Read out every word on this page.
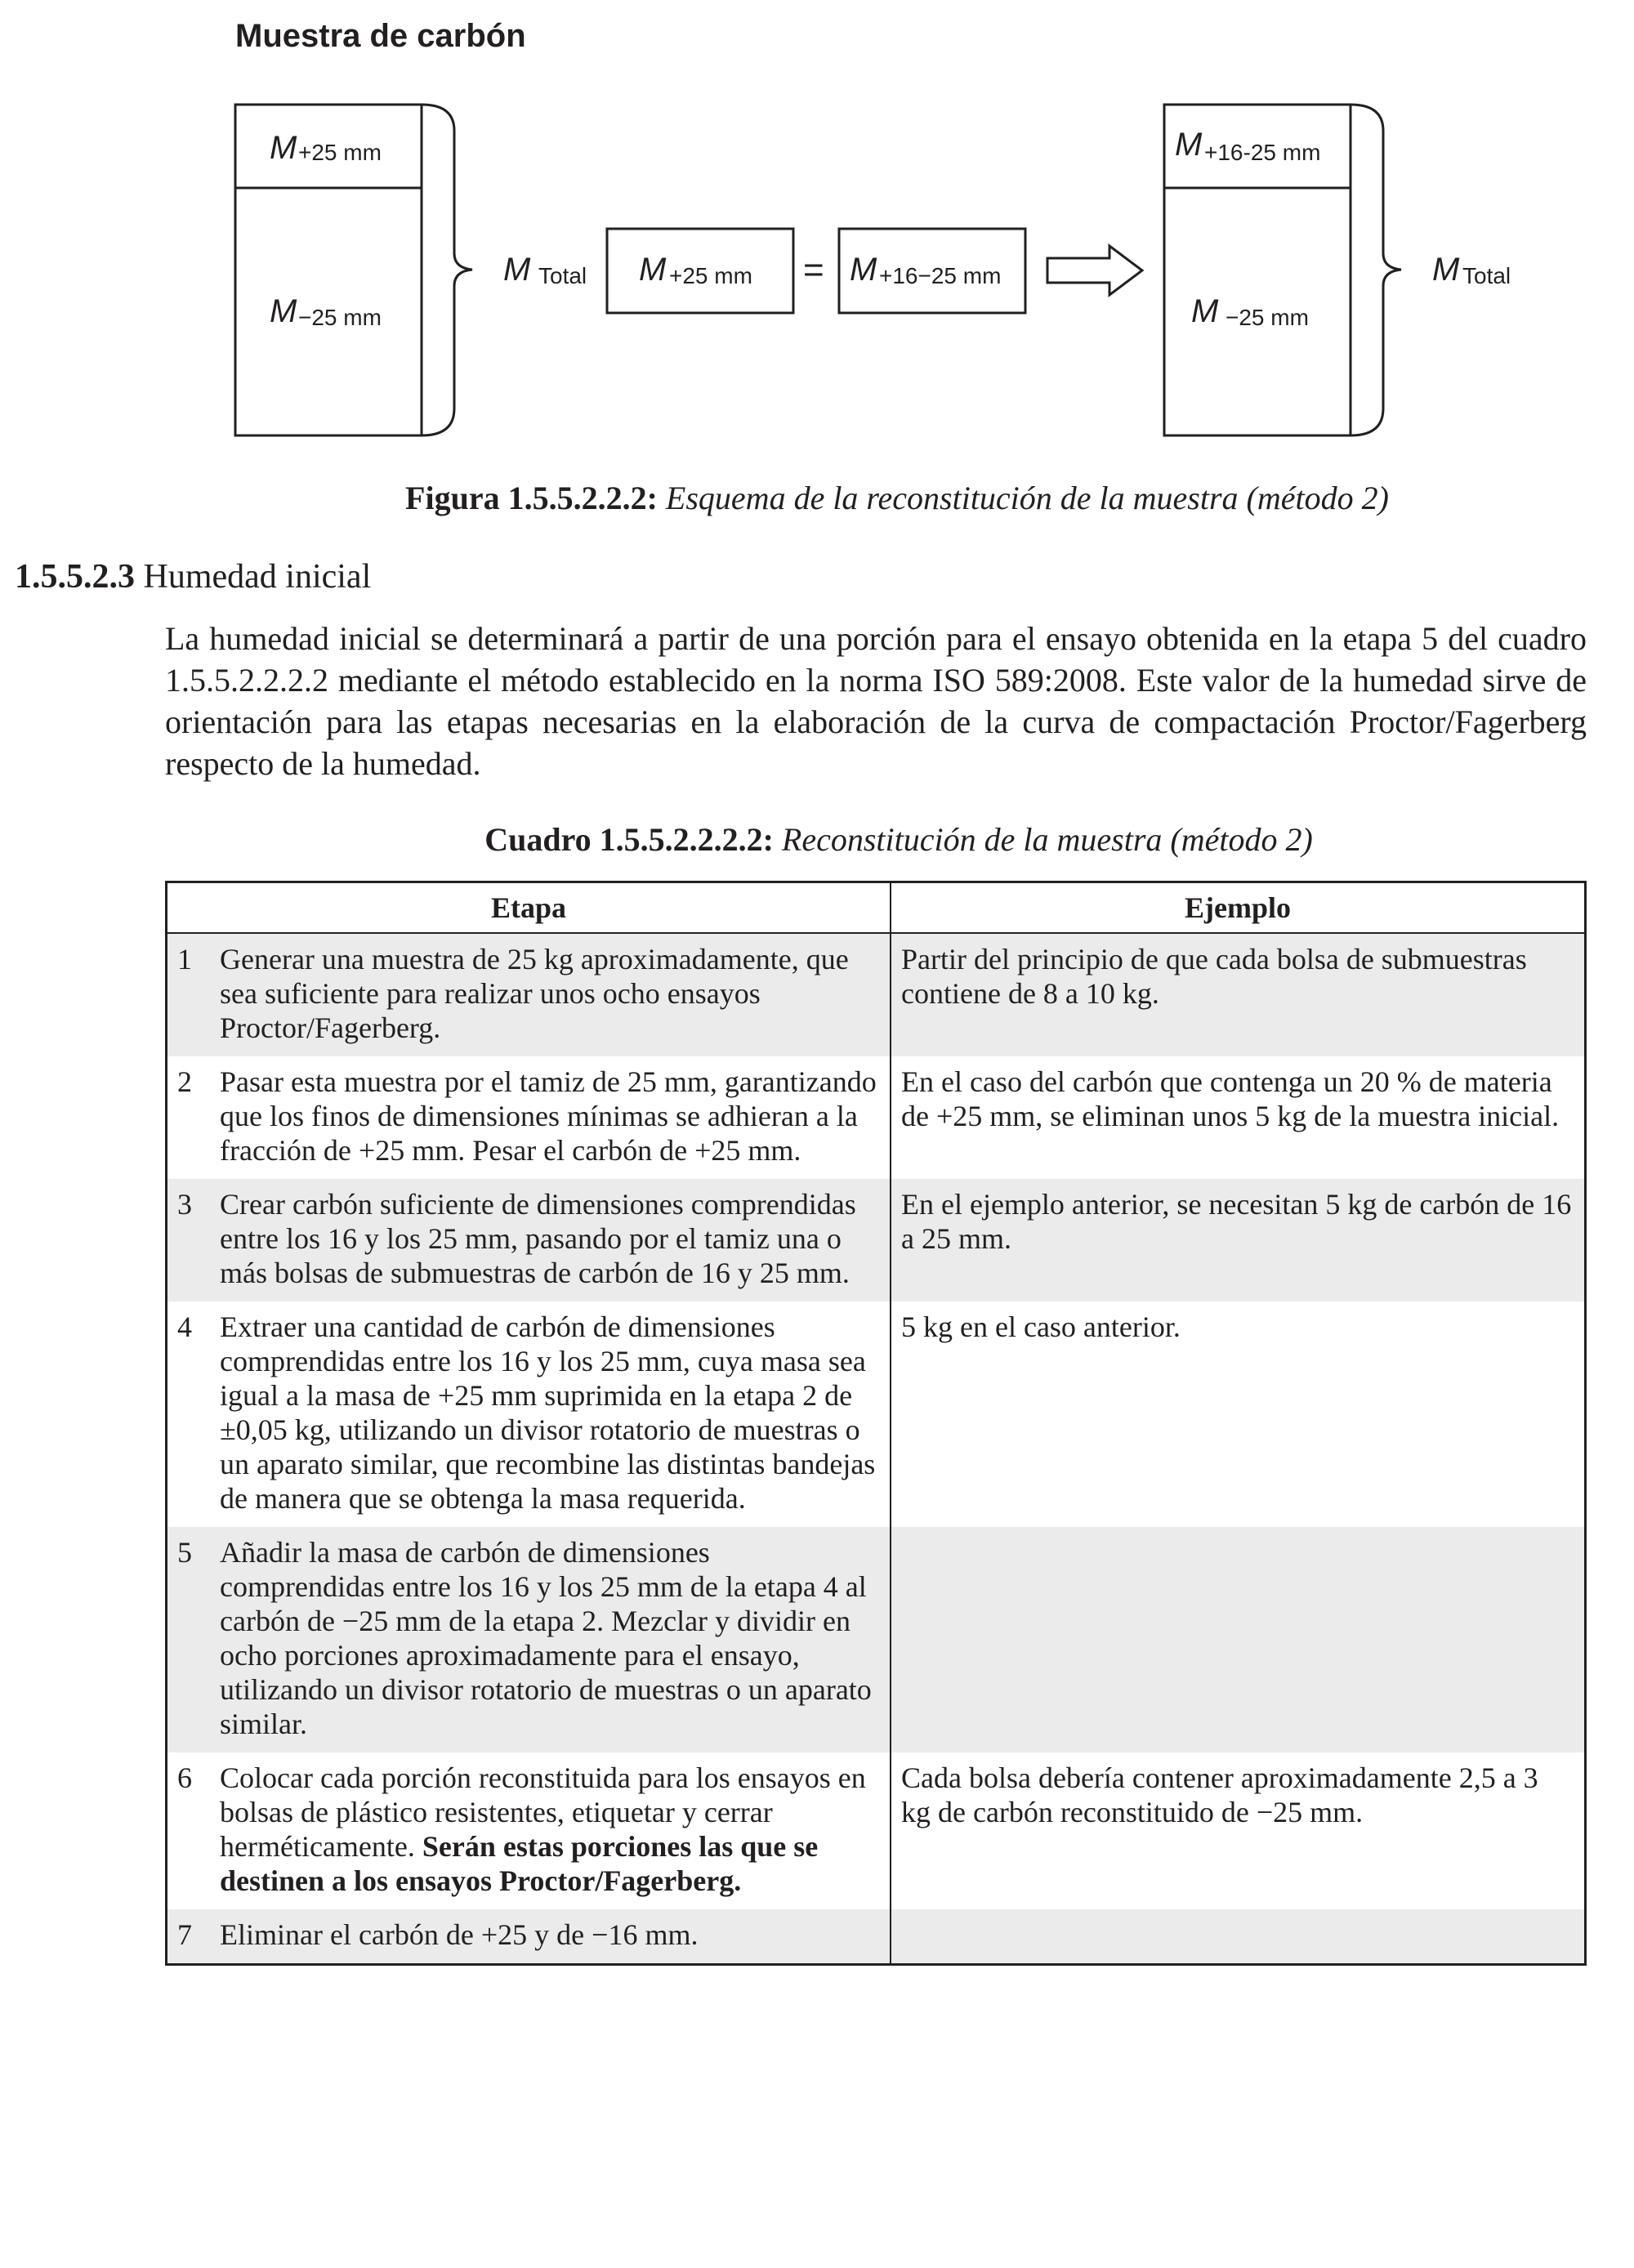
Muestra de carbón
M +25 mm
M −25 mm
M Total M +25 mm = M +16−25 mm
M +16-25 mm
M −25 mm
M Total
Figura 1.5.5.2.2.2: Esquema de la reconstitución de la muestra (método 2)
1.5.5.2.3 Humedad inicial
La humedad inicial se determinará a partir de una porción para el ensayo obtenida en la etapa 5 del cuadro 1.5.5.2.2.2.2 mediante el método establecido en la norma ISO 589:2008. Este valor de la humedad sirve de orientación para las etapas necesarias en la elaboración de la curva de compactación Proctor/Fagerberg respecto de la humedad.
Cuadro 1.5.5.2.2.2.2: Reconstitución de la muestra (método 2)
Etapa	Ejemplo

1 Generar una muestra de 25 kg aproximadamente, que sea suficiente para realizar unos ocho ensayos Proctor/Fagerberg.	Partir del principio de que cada bolsa de submuestras contiene de 8 a 10 kg.

2 Pasar esta muestra por el tamiz de 25 mm, garantizando que los finos de dimensiones mínimas se adhieran a la fracción de +25 mm. Pesar el carbón de +25 mm.	En el caso del carbón que contenga un 20 % de materia de +25 mm, se eliminan unos 5 kg de la muestra inicial.

3 Crear carbón suficiente de dimensiones comprendidas entre los 16 y los 25 mm, pasando por el tamiz una o más bolsas de submuestras de carbón de 16 y 25 mm.	En el ejemplo anterior, se necesitan 5 kg de carbón de 16 a 25 mm.

4 Extraer una cantidad de carbón de dimensiones comprendidas entre los 16 y los 25 mm, cuya masa sea igual a la masa de +25 mm suprimida en la etapa 2 de ±0,05 kg, utilizando un divisor rotatorio de muestras o un aparato similar, que recombine las distintas bandejas de manera que se obtenga la masa requerida.	5 kg en el caso anterior.

5 Añadir la masa de carbón de dimensiones comprendidas entre los 16 y los 25 mm de la etapa 4 al carbón de −25 mm de la etapa 2. Mezclar y dividir en ocho porciones aproximadamente para el ensayo, utilizando un divisor rotatorio de muestras o un aparato similar.	

6 Colocar cada porción reconstituida para los ensayos en bolsas de plástico resistentes, etiquetar y cerrar herméticamente. Serán estas porciones las que se destinen a los ensayos Proctor/Fagerberg.	Cada bolsa debería contener aproximadamente 2,5 a 3 kg de carbón reconstituido de −25 mm.

7 Eliminar el carbón de +25 y de −16 mm.	
